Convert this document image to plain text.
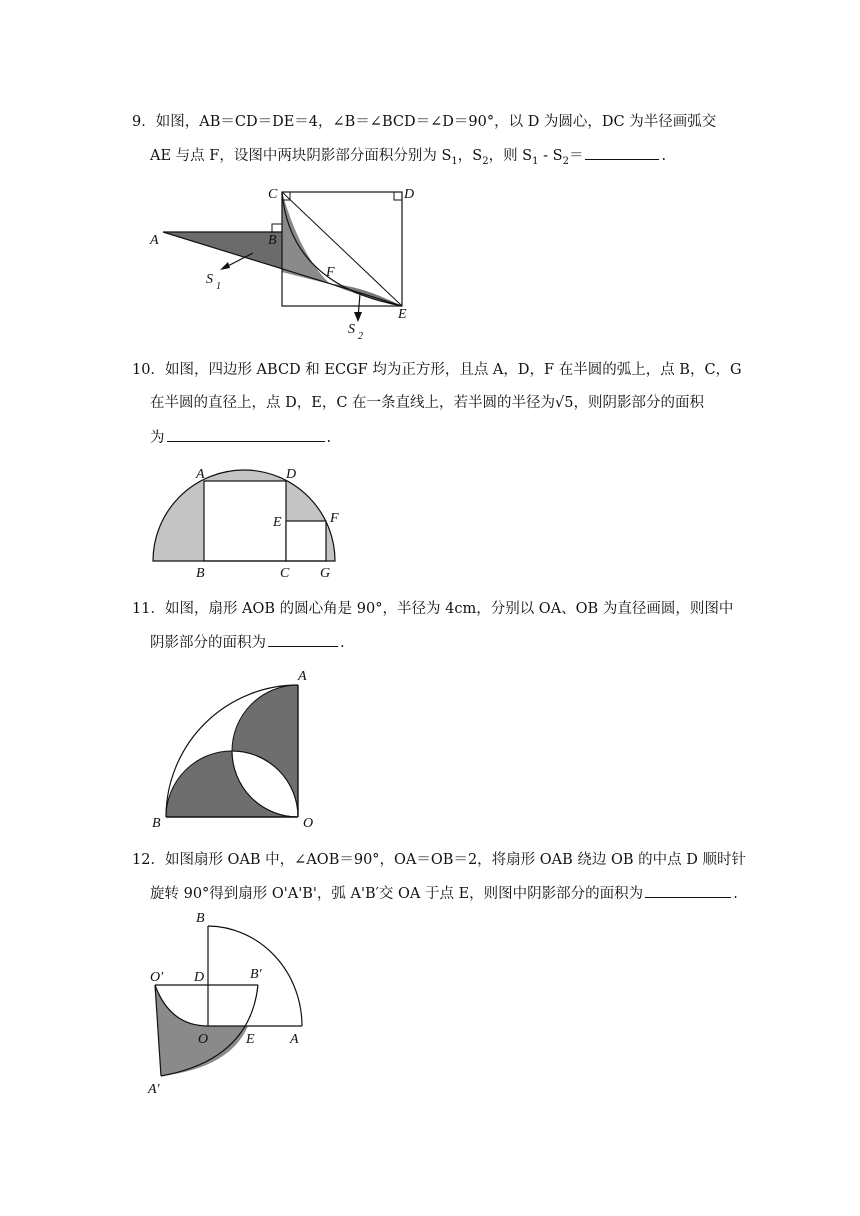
9．如图，AB＝CD＝DE＝4，∠B＝∠BCD＝∠D＝90°，以 D 为圆心，DC 为半径画弧交
AE 与点 F，设图中两块阴影部分面积分别为 $S_1$，$S_2$，则 $S_1 - S_2=$	.
C	D
A	B
F
E
S 1
S 2
10．如图，四边形 ABCD 和 ECGF 均为正方形，且点 A，D，F 在半圆的弧上，点 B，C，G
在半圆的直径上，点 D，E，C 在一条直线上，若半圆的半径为√5，则阴影部分的面积
为	.
A	D
E	F
B	C G
11．如图，扇形 AOB 的圆心角是 90°，半径为 4cm，分别以 OA、OB 为直径画圆，则图中
阴影部分的面积为	.
A
B	O
12．如图扇形 OAB 中，∠AOB＝90°，OA＝OB＝2，将扇形 OAB 绕边 OB 的中点 D 顺时针
旋转 90°得到扇形 O'A'B'，弧 A'B′交 OA 于点 E，则图中阴影部分的面积为	.
B
O′ D	B′
O	E	A
A′
